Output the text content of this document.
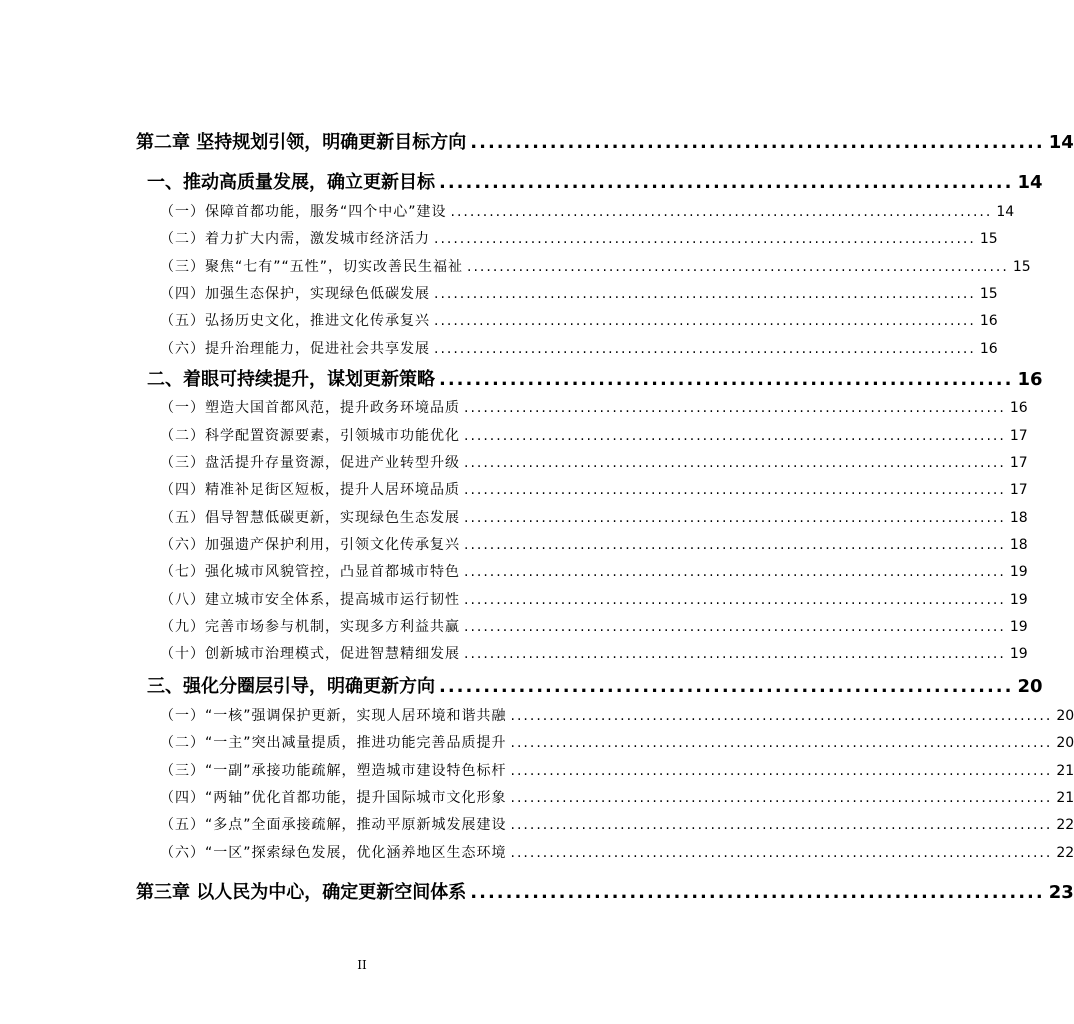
第二章 坚持规划引领，明确更新目标方向 ................................................................. 14
一、推动高质量发展，确立更新目标 ................................................................. 14
（一）保障首都功能，服务“四个中心”建设 .................................................................................... 14
（二）着力扩大内需，激发城市经济活力 .................................................................................... 15
（三）聚焦“七有”“五性”，切实改善民生福祉 .................................................................................... 15
（四）加强生态保护，实现绿色低碳发展 .................................................................................... 15
（五）弘扬历史文化，推进文化传承复兴 .................................................................................... 16
（六）提升治理能力，促进社会共享发展 .................................................................................... 16
二、着眼可持续提升，谋划更新策略 ................................................................. 16
（一）塑造大国首都风范，提升政务环境品质 .................................................................................... 16
（二）科学配置资源要素，引领城市功能优化 .................................................................................... 17
（三）盘活提升存量资源，促进产业转型升级 .................................................................................... 17
（四）精准补足街区短板，提升人居环境品质 .................................................................................... 17
（五）倡导智慧低碳更新，实现绿色生态发展 .................................................................................... 18
（六）加强遗产保护利用，引领文化传承复兴 .................................................................................... 18
（七）强化城市风貌管控，凸显首都城市特色 .................................................................................... 19
（八）建立城市安全体系，提高城市运行韧性 .................................................................................... 19
（九）完善市场参与机制，实现多方利益共赢 .................................................................................... 19
（十）创新城市治理模式，促进智慧精细发展 .................................................................................... 19
三、强化分圈层引导，明确更新方向 ................................................................. 20
（一）“一核”强调保护更新，实现人居环境和谐共融 .................................................................................... 20
（二）“一主”突出减量提质，推进功能完善品质提升 .................................................................................... 20
（三）“一副”承接功能疏解，塑造城市建设特色标杆 .................................................................................... 21
（四）“两轴”优化首都功能，提升国际城市文化形象 .................................................................................... 21
（五）“多点”全面承接疏解，推动平原新城发展建设 .................................................................................... 22
（六）“一区”探索绿色发展，优化涵养地区生态环境 .................................................................................... 22
第三章 以人民为中心，确定更新空间体系 ................................................................. 23
II
